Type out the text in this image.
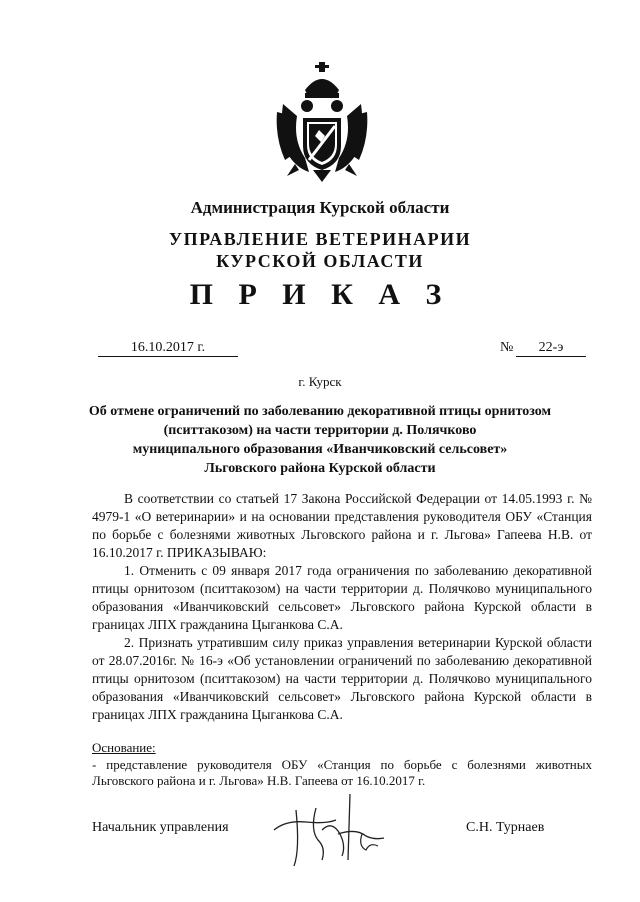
Администрация Курской области
УПРАВЛЕНИЕ ВЕТЕРИНАРИИ
КУРСКОЙ ОБЛАСТИ
П Р И К А З
16.10.2017 г.	№	22-э
г. Курск
Об отмене ограничений по заболеванию декоративной птицы орнитозом
(пситтакозом) на части территории д. Полячково
муниципального образования «Иванчиковский сельсовет»
Льговского района Курской области

В соответствии со статьей 17 Закона Российской Федерации от 14.05.1993 г. № 4979-1 «О ветеринарии» и на основании представления руководителя ОБУ «Станция по борьбе с болезнями животных Льговского района и г. Льгова» Гапеева Н.В. от 16.10.2017 г. ПРИКАЗЫВАЮ:

1. Отменить с 09 января 2017 года ограничения по заболеванию декоративной птицы орнитозом (пситтакозом) на части территории д. Полячково муниципального образования «Иванчиковский сельсовет» Льговского района Курской области в границах ЛПХ гражданина Цыганкова С.А.

2. Признать утратившим силу приказ управления ветеринарии Курской области от 28.07.2016г. № 16-э «Об установлении ограничений по заболеванию декоративной птицы орнитозом (пситтакозом) на части территории д. Полячково муниципального образования «Иванчиковский сельсовет» Льговского района Курской области в границах ЛПХ гражданина Цыганкова С.А.

Основание:

- представление руководителя ОБУ «Станция по борьбе с болезнями животных Льговского района и г. Льгова» Н.В. Гапеева от 16.10.2017 г.

Начальник управления	С.Н. Турнаев
